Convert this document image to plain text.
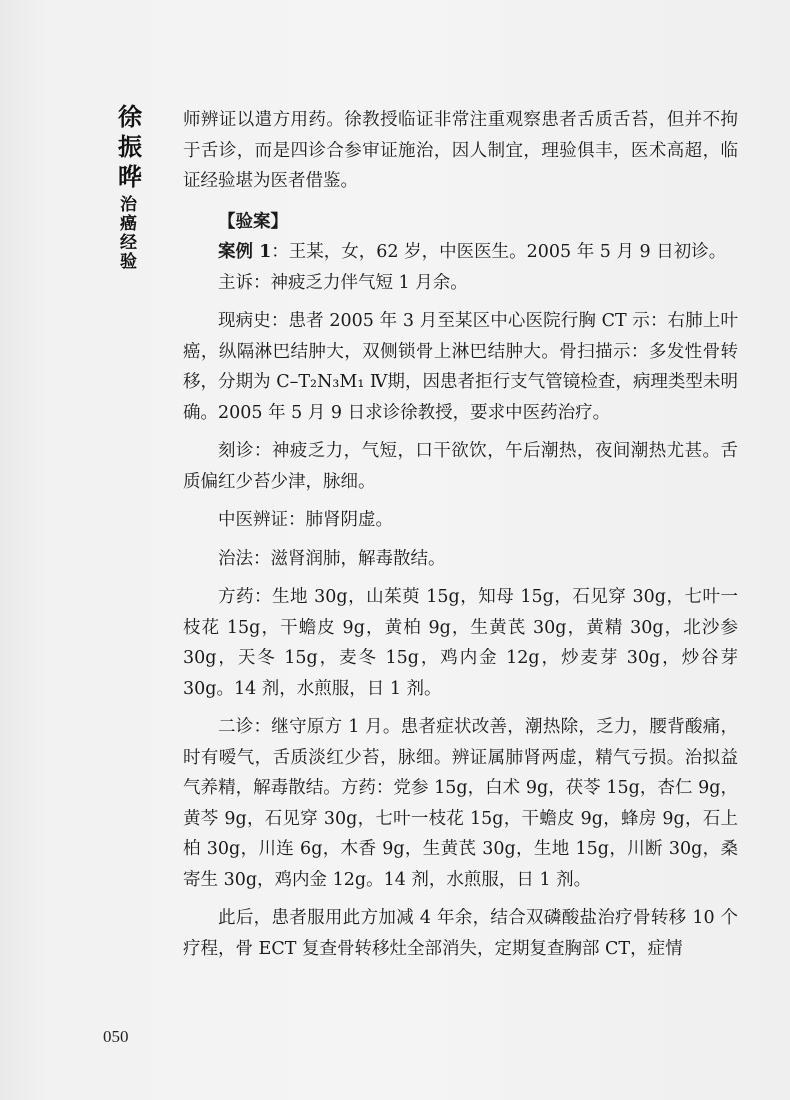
徐振晔
治癌经验

师辨证以遣方用药。徐教授临证非常注重观察患者舌质舌苔，但并不拘于舌诊，而是四诊合参审证施治，因人制宜，理验俱丰，医术高超，临证经验堪为医者借鉴。

【验案】

案例 1：王某，女，62 岁，中医医生。2005 年 5 月 9 日初诊。

主诉：神疲乏力伴气短 1 月余。

现病史：患者 2005 年 3 月至某区中心医院行胸 CT 示：右肺上叶癌，纵隔淋巴结肿大，双侧锁骨上淋巴结肿大。骨扫描示：多发性骨转移，分期为 C–T₂N₃M₁ Ⅳ期，因患者拒行支气管镜检查，病理类型未明确。2005 年 5 月 9 日求诊徐教授，要求中医药治疗。

刻诊：神疲乏力，气短，口干欲饮，午后潮热，夜间潮热尤甚。舌质偏红少苔少津，脉细。

中医辨证：肺肾阴虚。

治法：滋肾润肺，解毒散结。

方药：生地 30g，山茱萸 15g，知母 15g，石见穿 30g，七叶一枝花 15g，干蟾皮 9g，黄柏 9g，生黄芪 30g，黄精 30g，北沙参 30g，天冬 15g，麦冬 15g，鸡内金 12g，炒麦芽 30g，炒谷芽 30g。14 剂，水煎服，日 1 剂。

二诊：继守原方 1 月。患者症状改善，潮热除，乏力，腰背酸痛，时有嗳气，舌质淡红少苔，脉细。辨证属肺肾两虚，精气亏损。治拟益气养精，解毒散结。方药：党参 15g，白术 9g，茯苓 15g，杏仁 9g，黄芩 9g，石见穿 30g，七叶一枝花 15g，干蟾皮 9g，蜂房 9g，石上柏 30g，川连 6g，木香 9g，生黄芪 30g，生地 15g，川断 30g，桑寄生 30g，鸡内金 12g。14 剂，水煎服，日 1 剂。

此后，患者服用此方加减 4 年余，结合双磷酸盐治疗骨转移 10 个疗程，骨 ECT 复查骨转移灶全部消失，定期复查胸部 CT，症情

050
